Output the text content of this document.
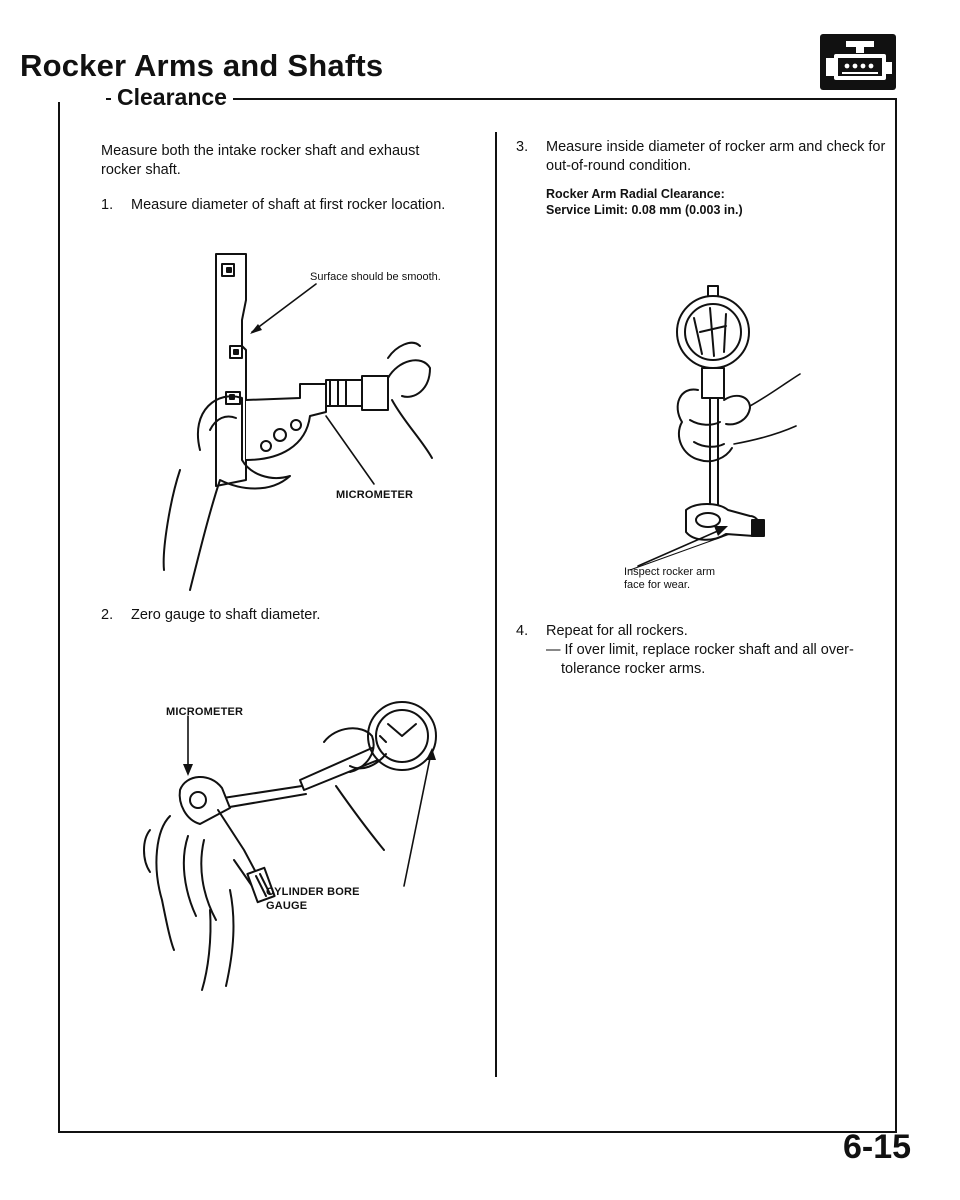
Rocker Arms and Shafts
Clearance
Measure both the intake rocker shaft and exhaust rocker shaft.
1. Measure diameter of shaft at first rocker location.
Surface should be smooth.
MICROMETER
2. Zero gauge to shaft diameter.
MICROMETER
CYLINDER BORE
GAUGE
3. Measure inside diameter of rocker arm and check for out-of-round condition.
Rocker Arm Radial Clearance:
Service Limit: 0.08 mm (0.003 in.)
Inspect rocker arm
face for wear.
4. Repeat for all rockers.
— If over limit, replace rocker shaft and all over-
tolerance rocker arms.
6-15
